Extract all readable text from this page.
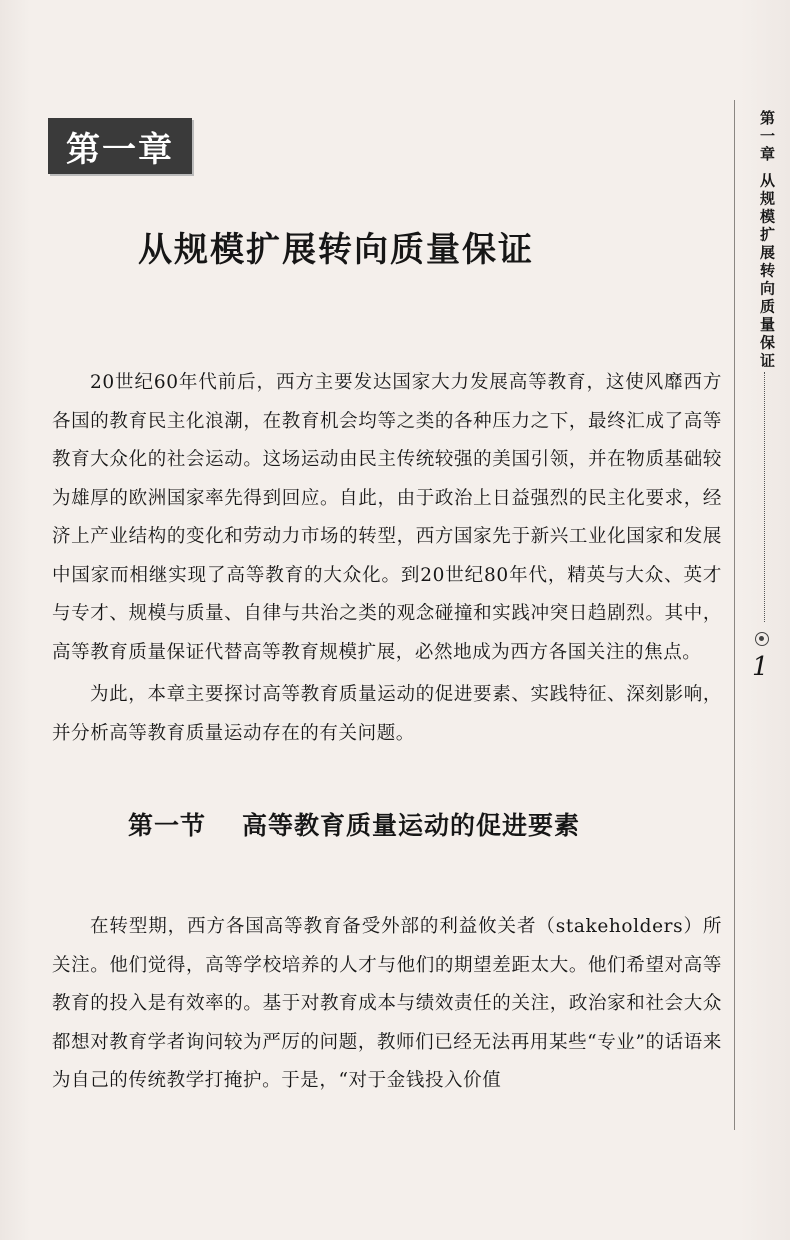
第一章
从规模扩展转向质量保证

20世纪60年代前后，西方主要发达国家大力发展高等教育，这使风靡西方各国的教育民主化浪潮，在教育机会均等之类的各种压力之下，最终汇成了高等教育大众化的社会运动。这场运动由民主传统较强的美国引领，并在物质基础较为雄厚的欧洲国家率先得到回应。自此，由于政治上日益强烈的民主化要求，经济上产业结构的变化和劳动力市场的转型，西方国家先于新兴工业化国家和发展中国家而相继实现了高等教育的大众化。到20世纪80年代，精英与大众、英才与专才、规模与质量、自律与共治之类的观念碰撞和实践冲突日趋剧烈。其中，高等教育质量保证代替高等教育规模扩展，必然地成为西方各国关注的焦点。

为此，本章主要探讨高等教育质量运动的促进要素、实践特征、深刻影响，并分析高等教育质量运动存在的有关问题。

第一节 高等教育质量运动的促进要素

在转型期，西方各国高等教育备受外部的利益攸关者（stakeholders）所关注。他们觉得，高等学校培养的人才与他们的期望差距太大。他们希望对高等教育的投入是有效率的。基于对教育成本与绩效责任的关注，政治家和社会大众都想对教育学者询问较为严厉的问题，教师们已经无法再用某些“专业”的话语来为自己的传统教学打掩护。于是，“对于金钱投入价值

第一章 从规模扩展转向质量保证
1
